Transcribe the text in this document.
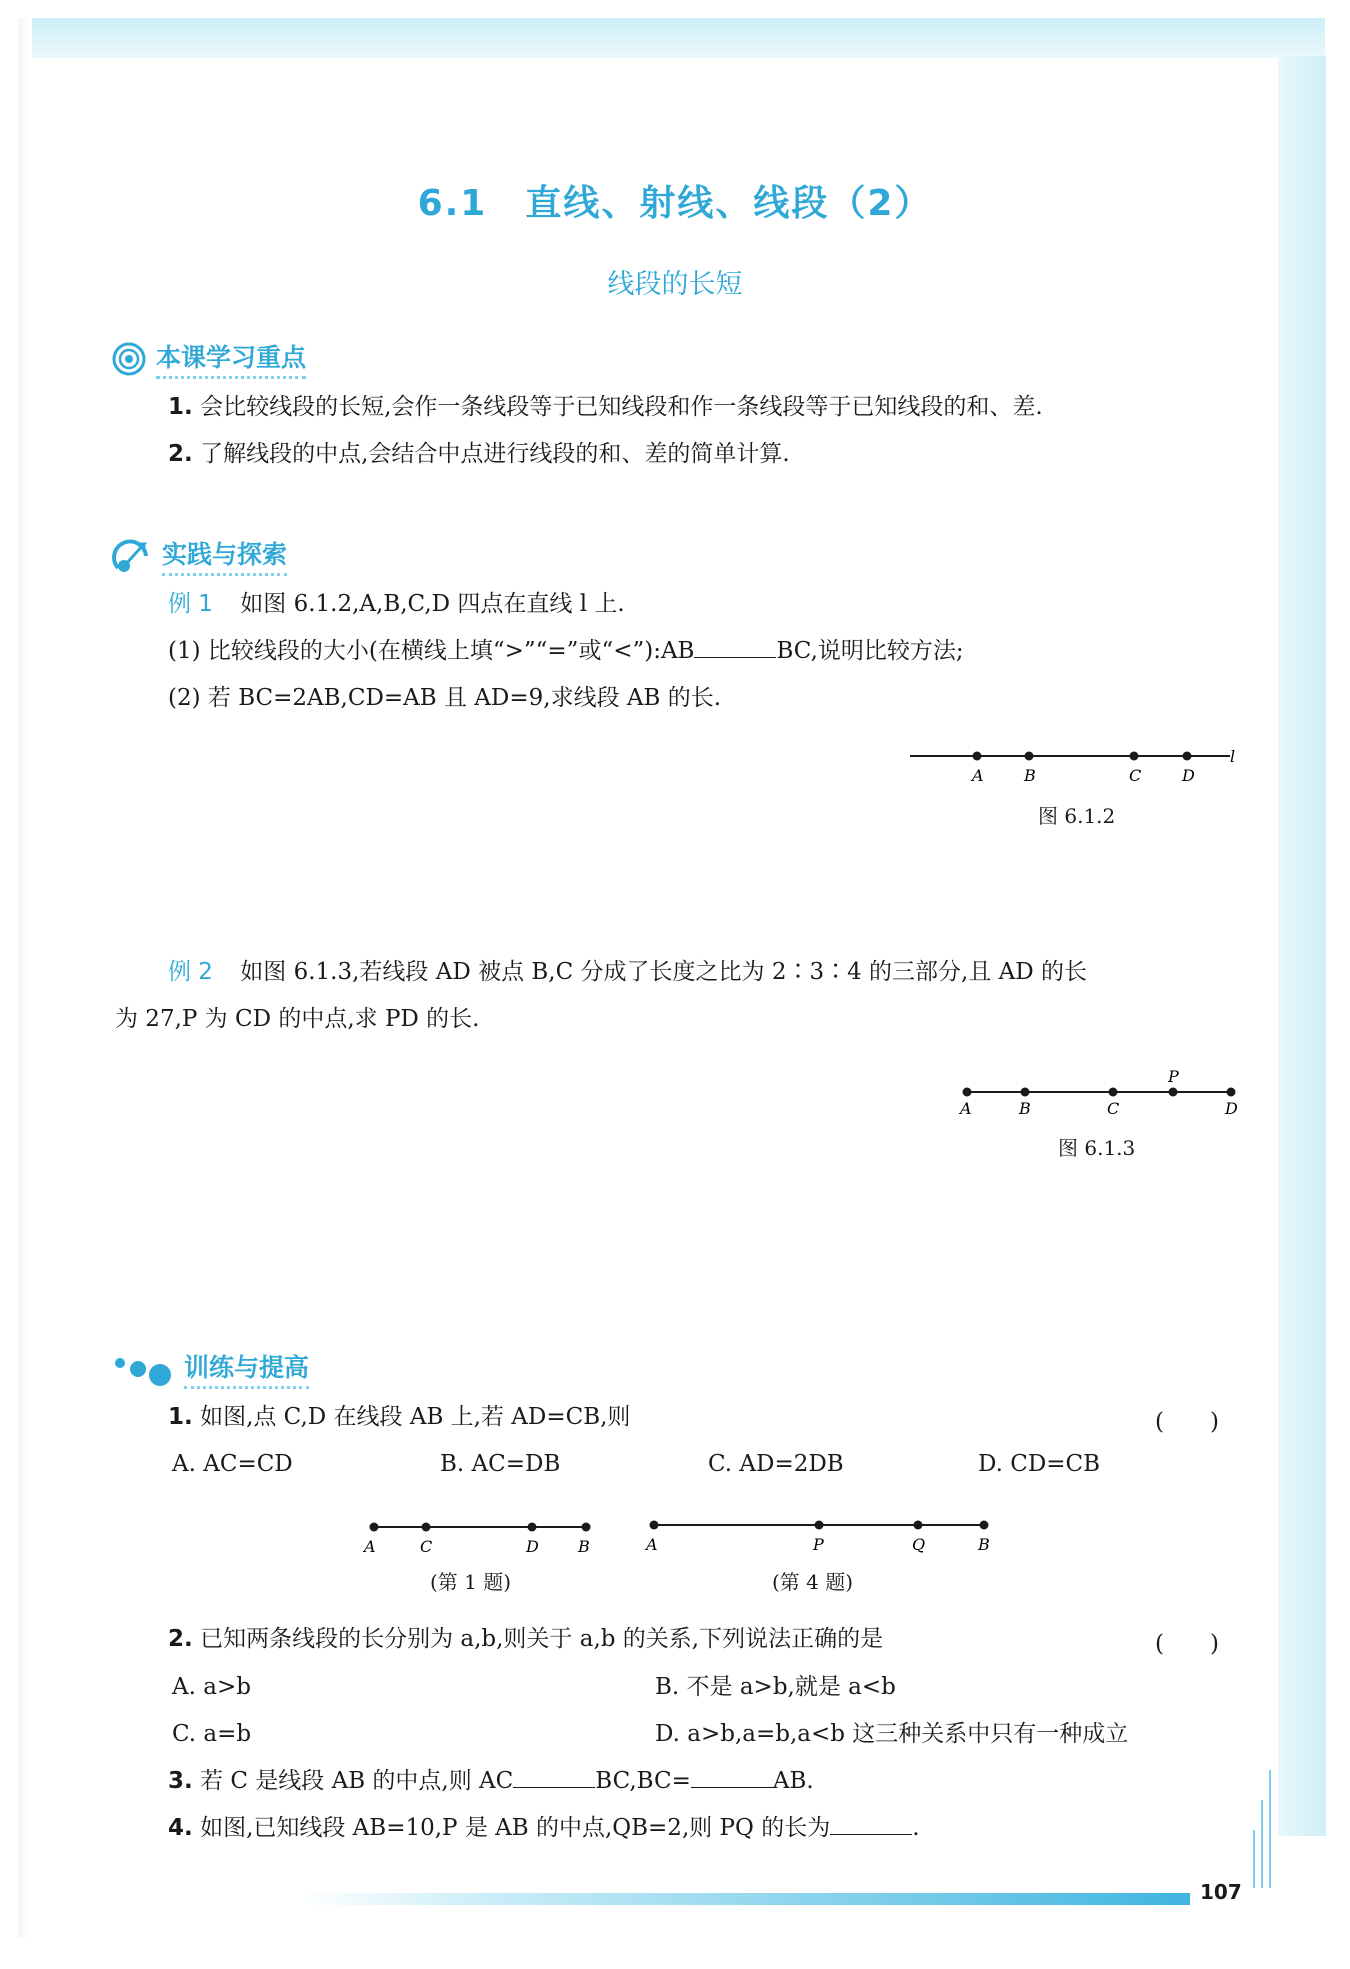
6.1　直线、射线、线段（2）
线段的长短
本课学习重点
1. 会比较线段的长短,会作一条线段等于已知线段和作一条线段等于已知线段的和、差.
2. 了解线段的中点,会结合中点进行线段的和、差的简单计算.
实践与探索
例 1 如图 6.1.2,A,B,C,D 四点在直线 l 上.
(1) 比较线段的大小(在横线上填“>”“=”或“<”):AB	BC,说明比较方法;
(2) 若 BC=2AB,CD=AB 且 AD=9,求线段 AB 的长.
A	B	C	D
l
图 6.1.2
例 2 如图 6.1.3,若线段 AD 被点 B,C 分成了长度之比为 2∶3∶4 的三部分,且 AD 的长
为 27,P 为 CD 的中点,求 PD 的长.
A	B	C
P
D
图 6.1.3
训练与提高
1. 如图,点 C,D 在线段 AB 上,若 AD=CB,则	(　　)
A. AC=CD	B. AC=DB	C. AD=2DB	D. CD=CB
A	C	D B
(第 1 题)
A	P	Q	B
(第 4 题)
2. 已知两条线段的长分别为 a,b,则关于 a,b 的关系,下列说法正确的是	(　　)
A. a>b	B. 不是 a>b,就是 a<b
C. a=b	D. a>b,a=b,a<b 这三种关系中只有一种成立
3. 若 C 是线段 AB 的中点,则 AC	BC,BC=	AB.
4. 如图,已知线段 AB=10,P 是 AB 的中点,QB=2,则 PQ 的长为	.
107
